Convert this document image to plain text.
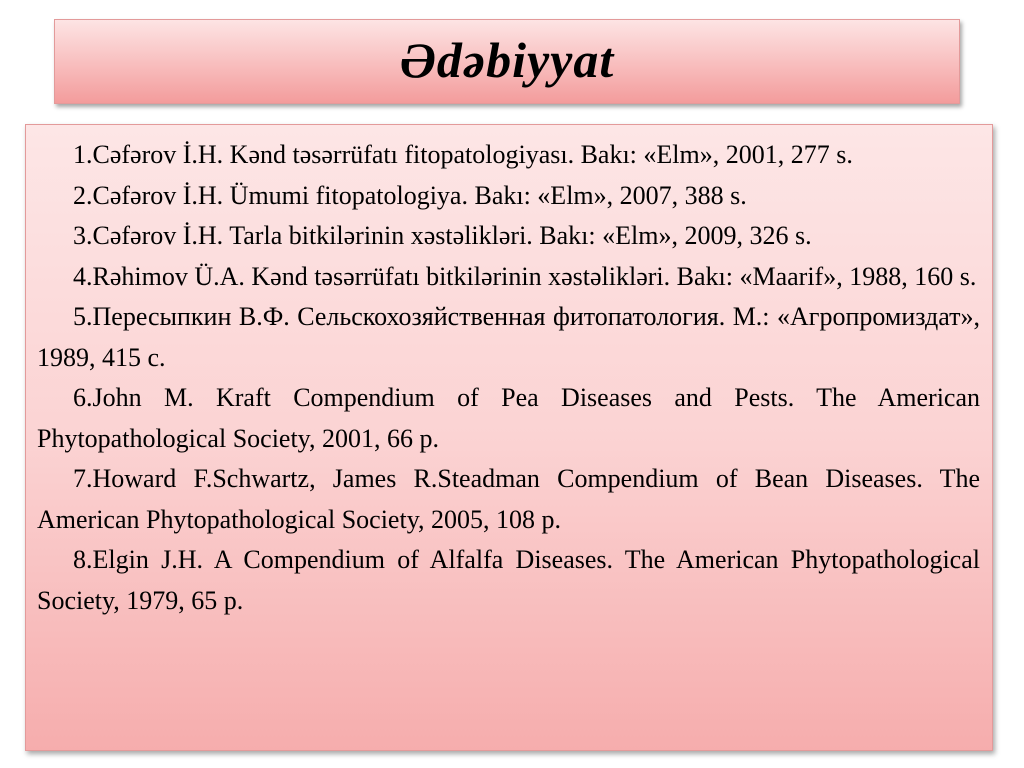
Ədəbiyyat
1.Cəfərov İ.H. Kənd təsərrüfatı fitopatologiyası. Bakı: «Elm», 2001, 277 s.
2.Cəfərov İ.H. Ümumi fitopatologiya. Bakı: «Elm», 2007, 388 s.
3.Cəfərov İ.H. Tarla bitkilərinin xəstəlikləri. Bakı: «Elm», 2009, 326 s.
4.Rəhimov Ü.A. Kənd təsərrüfatı bitkilərinin xəstəlikləri. Bakı: «Maarif», 1988, 160 s.
5.Пересыпкин В.Ф. Сельскохозяйственная фитопатология. М.: «Агропромиздат», 1989, 415 с.
6.John M. Kraft Compendium of Pea Diseases and Pests. The American Phytopathological Society, 2001, 66 p.
7.Howard F.Schwartz, James R.Steadman Compendium of Bean Diseases. The American Phytopathological Society, 2005, 108 p.
8.Elgin J.H. A Compendium of Alfalfa Diseases. The American Phytopathological Society, 1979, 65 p.
